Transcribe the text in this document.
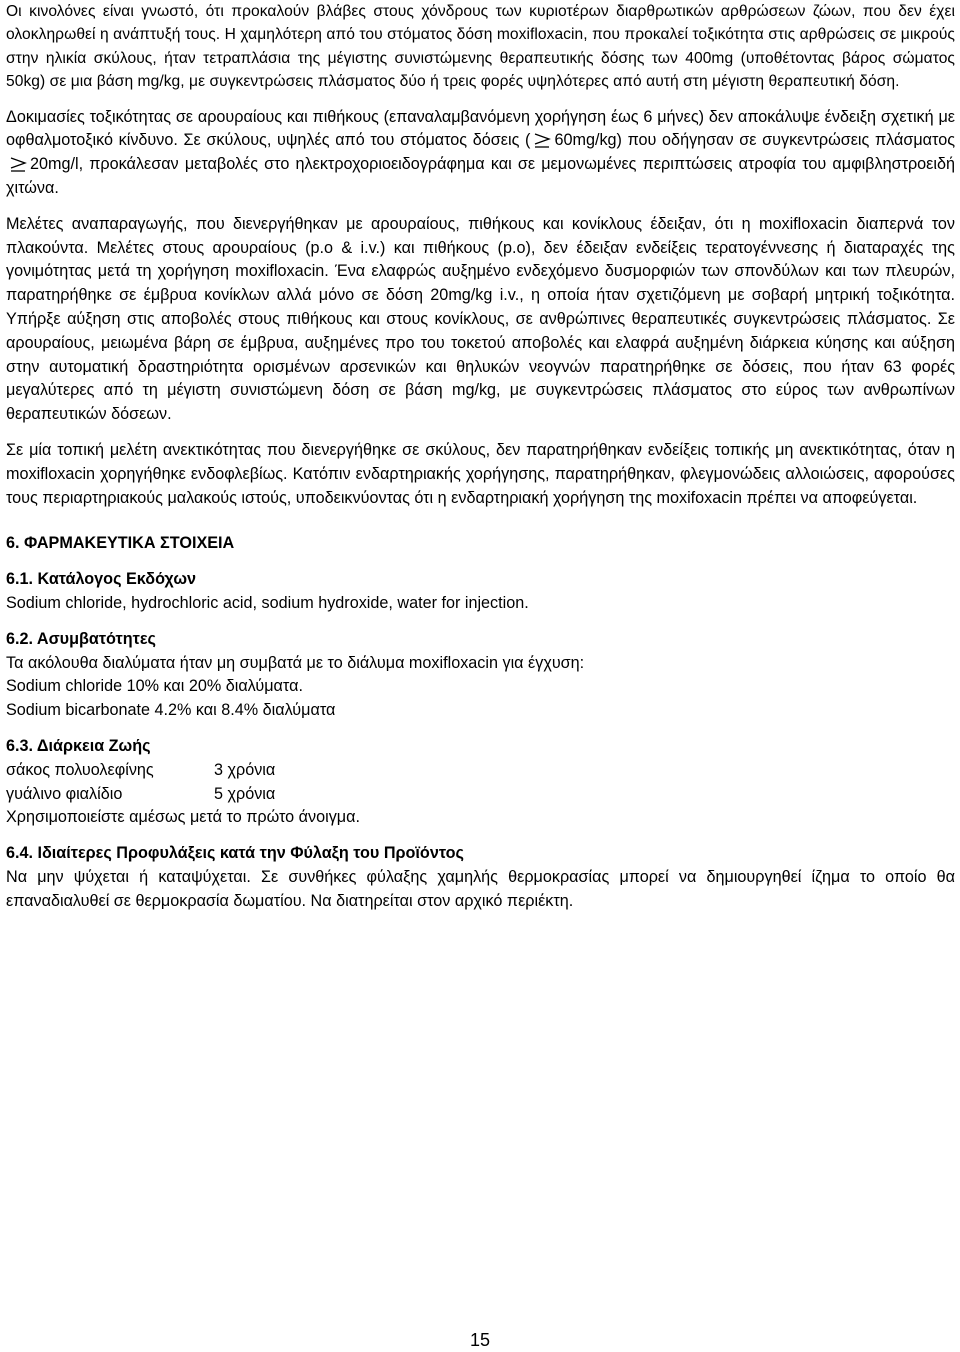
Οι κινολόνες είναι γνωστό, ότι προκαλούν βλάβες στους χόνδρους των κυριοτέρων διαρθρωτικών αρθρώσεων ζώων, που δεν έχει ολοκληρωθεί η ανάπτυξή τους. Η χαμηλότερη από του στόματος δόση moxifloxacin, που προκαλεί τοξικότητα στις αρθρώσεις σε μικρούς στην ηλικία σκύλους, ήταν τετραπλάσια της μέγιστης συνιστώμενης θεραπευτικής δόσης των 400mg (υποθέτοντας βάρος σώματος 50kg) σε μια βάση mg/kg, με συγκεντρώσεις πλάσματος δύο ή τρεις φορές υψηλότερες από αυτή στη μέγιστη θεραπευτική δόση.

Δοκιμασίες τοξικότητας σε αρουραίους και πιθήκους (επαναλαμβανόμενη χορήγηση έως 6 μήνες) δεν αποκάλυψε ένδειξη σχετική με οφθαλμοτοξικό κίνδυνο. Σε σκύλους, υψηλές από του στόματος δόσεις ( 60mg/kg) που οδήγησαν σε συγκεντρώσεις πλάσματος20mg/l, προκάλεσαν μεταβολές στο ηλεκτροχοριοειδογράφημα και σε μεμονωμένες περιπτώσεις ατροφία του αμφιβληστροειδή χιτώνα.

Μελέτες αναπαραγωγής, που διενεργήθηκαν με αρουραίους, πιθήκους και κονίκλους έδειξαν, ότι η moxifloxacin διαπερνά τον πλακούντα. Μελέτες στους αρουραίους (p.o & i.v.) και πιθήκους (p.o), δεν έδειξαν ενδείξεις τερατογέννεσης ή διαταραχές της γονιμότητας μετά τη χορήγηση moxifloxacin. Ένα ελαφρώς αυξημένο ενδεχόμενο δυσμορφιών των σπονδύλων και των πλευρών, παρατηρήθηκε σε έμβρυα κονίκλων αλλά μόνο σε δόση 20mg/kg i.v., η οποία ήταν σχετιζόμενη με σοβαρή μητρική τοξικότητα. Υπήρξε αύξηση στις αποβολές στους πιθήκους και στους κονίκλους, σε ανθρώπινες θεραπευτικές συγκεντρώσεις πλάσματος. Σε αρουραίους, μειωμένα βάρη σε έμβρυα, αυξημένες προ του τοκετού αποβολές και ελαφρά αυξημένη διάρκεια κύησης και αύξηση στην αυτοματική δραστηριότητα ορισμένων αρσενικών και θηλυκών νεογνών παρατηρήθηκε σε δόσεις, που ήταν 63 φορές μεγαλύτερες από τη μέγιστη συνιστώμενη δόση σε βάση mg/kg, με συγκεντρώσεις πλάσματος στο εύρος των ανθρωπίνων θεραπευτικών δόσεων.

Σε μία τοπική μελέτη ανεκτικότητας που διενεργήθηκε σε σκύλους, δεν παρατηρήθηκαν ενδείξεις τοπικής μη ανεκτικότητας, όταν η moxifloxacin χορηγήθηκε ενδοφλεβίως. Κατόπιν ενδαρτηριακής χορήγησης, παρατηρήθηκαν, φλεγμονώδεις αλλοιώσεις, αφορούσες τους περιαρτηριακούς μαλακούς ιστούς, υποδεικνύοντας ότι η ενδαρτηριακή χορήγηση της moxifoxacin πρέπει να αποφεύγεται.

6. ΦΑΡΜΑΚΕΥΤΙΚΑ ΣΤΟΙΧΕΙΑ

6.1. Κατάλογος Εκδόχων

Sodium chloride, hydrochloric acid, sodium hydroxide, water for injection.

6.2. Ασυμβατότητες

Τα ακόλουθα διαλύματα ήταν μη συμβατά με το διάλυμα moxifloxacin για έγχυση:

Sodium chloride 10% και 20% διαλύματα.

Sodium bicarbonate 4.2% και 8.4% διαλύματα

6.3. Διάρκεια Ζωής

σάκος πολυολεφίνης	3 χρόνια
γυάλινο φιαλίδιο	5 χρόνια

Χρησιμοποιείστε αμέσως μετά το πρώτο άνοιγμα.

6.4. Ιδιαίτερες Προφυλάξεις κατά την Φύλαξη του Προϊόντος

Να μην ψύχεται ή καταψύχεται. Σε συνθήκες φύλαξης χαμηλής θερμοκρασίας μπορεί να δημιουργηθεί ίζημα το οποίο θα επαναδιαλυθεί σε θερμοκρασία δωματίου. Να διατηρείται στον αρχικό περιέκτη.

15
